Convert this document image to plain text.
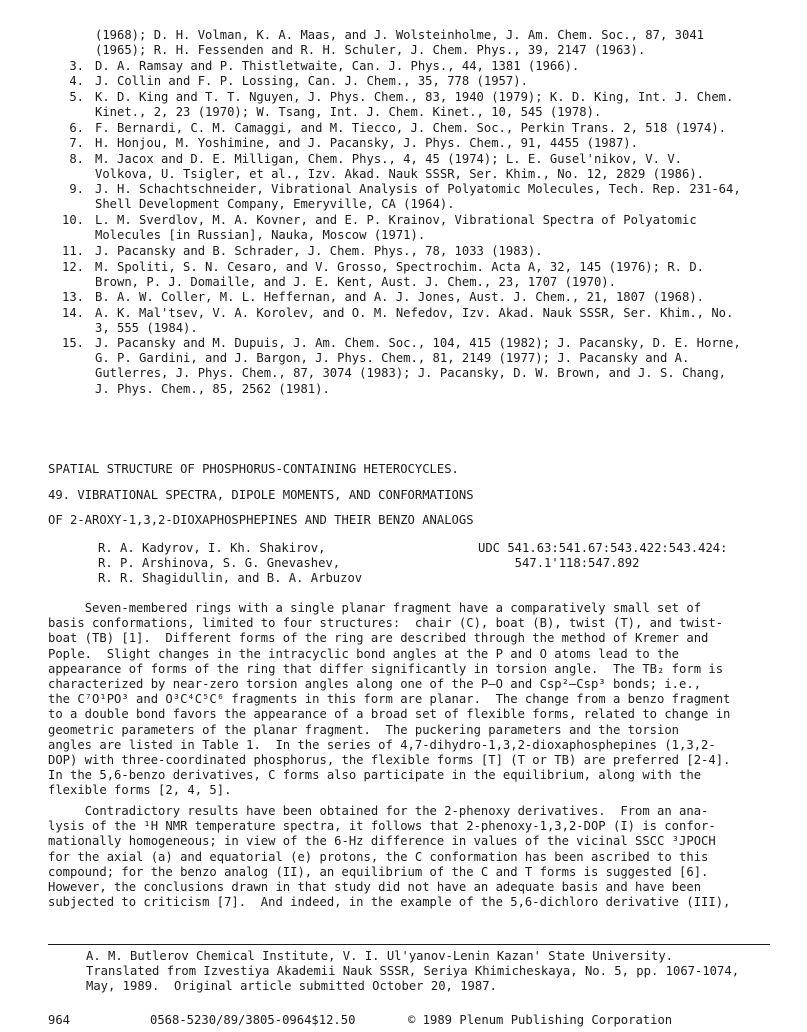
(1968); D. H. Volman, K. A. Maas, and J. Wolsteinholme, J. Am. Chem. Soc., 87, 3041
(1965); R. H. Fessenden and R. H. Schuler, J. Chem. Phys., 39, 2147 (1963).
3. D. A. Ramsay and P. Thistletwaite, Can. J. Phys., 44, 1381 (1966).
4. J. Collin and F. P. Lossing, Can. J. Chem., 35, 778 (1957).
5. K. D. King and T. T. Nguyen, J. Phys. Chem., 83, 1940 (1979); K. D. King, Int. J. Chem.
Kinet., 2, 23 (1970); W. Tsang, Int. J. Chem. Kinet., 10, 545 (1978).
6. F. Bernardi, C. M. Camaggi, and M. Tiecco, J. Chem. Soc., Perkin Trans. 2, 518 (1974).
7. H. Honjou, M. Yoshimine, and J. Pacansky, J. Phys. Chem., 91, 4455 (1987).
8. M. Jacox and D. E. Milligan, Chem. Phys., 4, 45 (1974); L. E. Gusel'nikov, V. V.
Volkova, U. Tsigler, et al., Izv. Akad. Nauk SSSR, Ser. Khim., No. 12, 2829 (1986).
9. J. H. Schachtschneider, Vibrational Analysis of Polyatomic Molecules, Tech. Rep. 231-64,
Shell Development Company, Emeryville, CA (1964).
10. L. M. Sverdlov, M. A. Kovner, and E. P. Krainov, Vibrational Spectra of Polyatomic
Molecules [in Russian], Nauka, Moscow (1971).
11. J. Pacansky and B. Schrader, J. Chem. Phys., 78, 1033 (1983).
12. M. Spoliti, S. N. Cesaro, and V. Grosso, Spectrochim. Acta A, 32, 145 (1976); R. D.
Brown, P. J. Domaille, and J. E. Kent, Aust. J. Chem., 23, 1707 (1970).
13. B. A. W. Coller, M. L. Heffernan, and A. J. Jones, Aust. J. Chem., 21, 1807 (1968).
14. A. K. Mal'tsev, V. A. Korolev, and O. M. Nefedov, Izv. Akad. Nauk SSSR, Ser. Khim., No.
3, 555 (1984).
15. J. Pacansky and M. Dupuis, J. Am. Chem. Soc., 104, 415 (1982); J. Pacansky, D. E. Horne,
G. P. Gardini, and J. Bargon, J. Phys. Chem., 81, 2149 (1977); J. Pacansky and A.
Gutlerres, J. Phys. Chem., 87, 3074 (1983); J. Pacansky, D. W. Brown, and J. S. Chang,
J. Phys. Chem., 85, 2562 (1981).
SPATIAL STRUCTURE OF PHOSPHORUS-CONTAINING HETEROCYCLES.
49. VIBRATIONAL SPECTRA, DIPOLE MOMENTS, AND CONFORMATIONS
OF 2-AROXY-1,3,2-DIOXAPHOSPHEPINES AND THEIR BENZO ANALOGS
R. A. Kadyrov, I. Kh. Shakirov,
R. P. Arshinova, S. G. Gnevashev,
R. R. Shagidullin, and B. A. Arbuzov
UDC 541.63:541.67:543.422:543.424:
547.1'118:547.892
Seven-membered rings with a single planar fragment have a comparatively small set of
basis conformations, limited to four structures:  chair (C), boat (B), twist (T), and twist-
boat (TB) [1].  Different forms of the ring are described through the method of Kremer and
Pople.  Slight changes in the intracyclic bond angles at the P and O atoms lead to the
appearance of forms of the ring that differ significantly in torsion angle.  The TB₂ form is
characterized by near-zero torsion angles along one of the P–O and Csp²–Csp³ bonds; i.e.,
the C⁷O¹PO³ and O³C⁴C⁵C⁶ fragments in this form are planar.  The change from a benzo fragment
to a double bond favors the appearance of a broad set of flexible forms, related to change in
geometric parameters of the planar fragment.  The puckering parameters and the torsion
angles are listed in Table 1.  In the series of 4,7-dihydro-1,3,2-dioxaphosphepines (1,3,2-
DOP) with three-coordinated phosphorus, the flexible forms [T] (T or TB) are preferred [2-4].
In the 5,6-benzo derivatives, C forms also participate in the equilibrium, along with the
flexible forms [2, 4, 5].
Contradictory results have been obtained for the 2-phenoxy derivatives.  From an ana-
lysis of the ¹H NMR temperature spectra, it follows that 2-phenoxy-1,3,2-DOP (I) is confor-
mationally homogeneous; in view of the 6-Hz difference in values of the vicinal SSCC ³JPOCH
for the axial (a) and equatorial (e) protons, the C conformation has been ascribed to this
compound; for the benzo analog (II), an equilibrium of the C and T forms is suggested [6].
However, the conclusions drawn in that study did not have an adequate basis and have been
subjected to criticism [7].  And indeed, in the example of the 5,6-dichloro derivative (III),
A. M. Butlerov Chemical Institute, V. I. Ul'yanov-Lenin Kazan' State University.
Translated from Izvestiya Akademii Nauk SSSR, Seriya Khimicheskaya, No. 5, pp. 1067-1074,
May, 1989.  Original article submitted October 20, 1987.
964	0568-5230/89/3805-0964$12.50	© 1989 Plenum Publishing Corporation
